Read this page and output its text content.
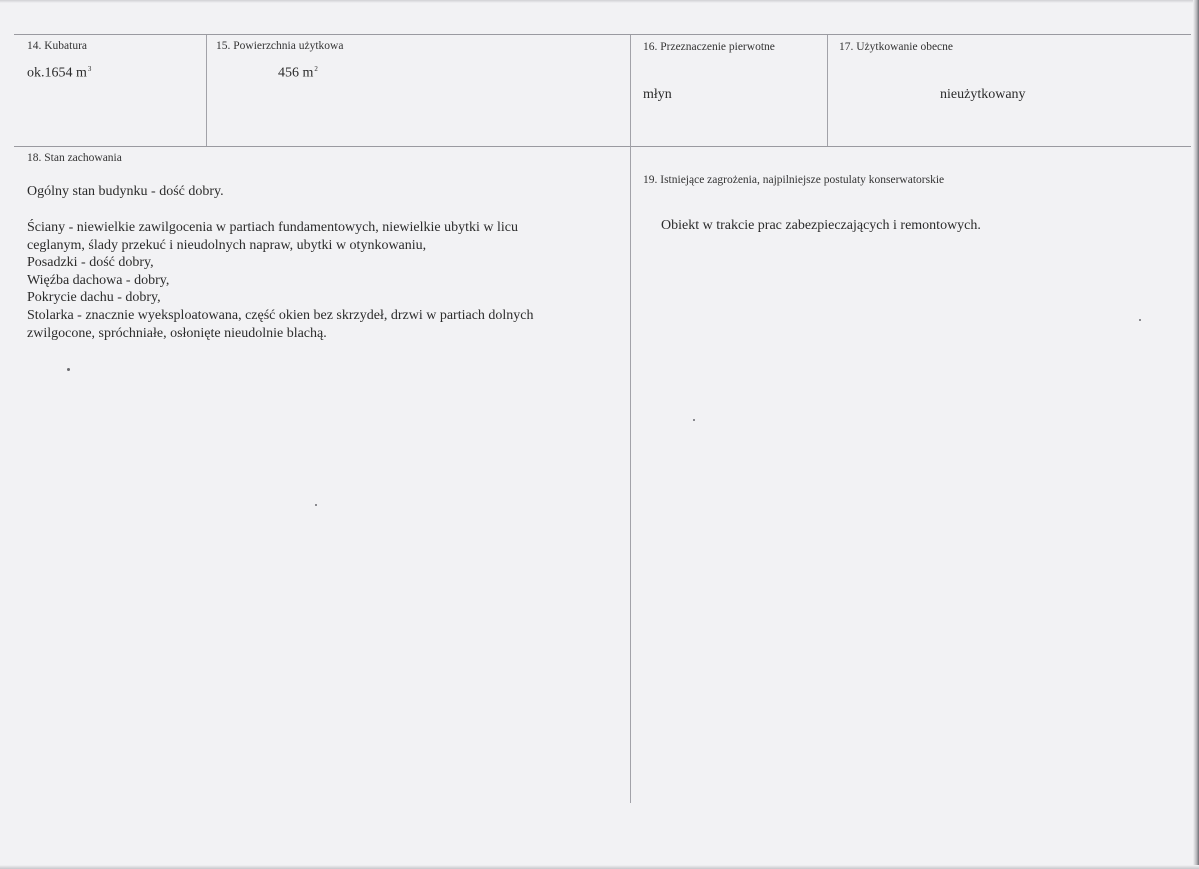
14. Kubatura
ok.1654 $m^3$
15. Powierzchnia użytkowa
456 $m^2$
16. Przeznaczenie pierwotne
młyn
17. Użytkowanie obecne
nieużytkowany
18. Stan zachowania
Ogólny stan budynku - dość dobry.
Ściany - niewielkie zawilgocenia w partiach fundamentowych, niewielkie ubytki w licu
ceglanym, ślady przekuć i nieudolnych napraw, ubytki w otynkowaniu,
Posadzki - dość dobry,
Więźba dachowa - dobry,
Pokrycie dachu - dobry,
Stolarka - znacznie wyeksploatowana, część okien bez skrzydeł, drzwi w partiach dolnych
zwilgocone, spróchniałe, osłonięte nieudolnie blachą.
19. Istniejące zagrożenia, najpilniejsze postulaty konserwatorskie
Obiekt w trakcie prac zabezpieczających i remontowych.
